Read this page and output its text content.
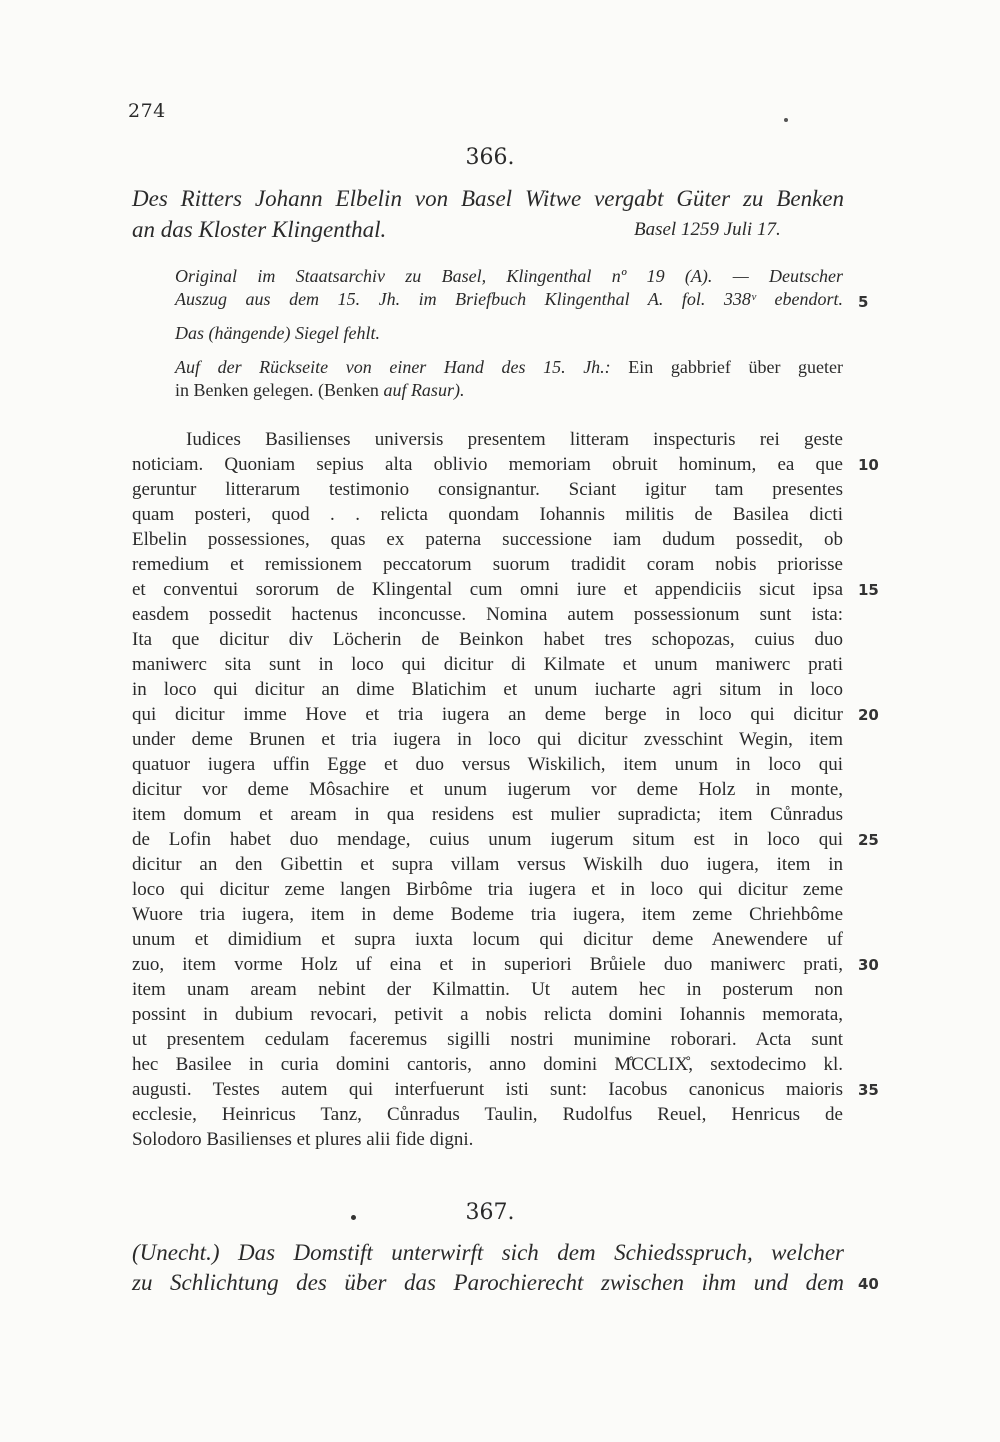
274
366.
Des Ritters Johann Elbelin von Basel Witwe vergabt Güter zu Benken
an das Kloster Klingenthal.	Basel 1259 Juli 17.
Original im Staatsarchiv zu Basel, Klingenthal nº 19 (A). — Deutscher
Auszug aus dem 15. Jh. im Briefbuch Klingenthal A. fol. 338ᵛ ebendort.
Das (hängende) Siegel fehlt.
Auf der Rückseite von einer Hand des 15. Jh.: Ein gabbrief über gueter
in Benken gelegen. (Benken auf Rasur).
Iudices Basilienses universis presentem litteram inspecturis rei geste
noticiam. Quoniam sepius alta oblivio memoriam obruit hominum, ea que
geruntur litterarum testimonio consignantur. Sciant igitur tam presentes
quam posteri, quod . . relicta quondam Iohannis militis de Basilea dicti
Elbelin possessiones, quas ex paterna successione iam dudum possedit, ob
remedium et remissionem peccatorum suorum tradidit coram nobis priorisse
et conventui sororum de Klingental cum omni iure et appendiciis sicut ipsa
easdem possedit hactenus inconcusse. Nomina autem possessionum sunt ista:
Ita que dicitur div Löcherin de Beinkon habet tres schopozas, cuius duo
maniwerc sita sunt in loco qui dicitur di Kilmate et unum maniwerc prati
in loco qui dicitur an dime Blatichim et unum iucharte agri situm in loco
qui dicitur imme Hove et tria iugera an deme berge in loco qui dicitur
under deme Brunen et tria iugera in loco qui dicitur zvesschint Wegin, item
quatuor iugera uffin Egge et duo versus Wiskilich, item unum in loco qui
dicitur vor deme Môsachire et unum iugerum vor deme Holz in monte,
item domum et aream in qua residens est mulier supradicta; item Cůnradus
de Lofin habet duo mendage, cuius unum iugerum situm est in loco qui
dicitur an den Gibettin et supra villam versus Wiskilh duo iugera, item in
loco qui dicitur zeme langen Birbôme tria iugera et in loco qui dicitur zeme
Wuore tria iugera, item in deme Bodeme tria iugera, item zeme Chriehbôme
unum et dimidium et supra iuxta locum qui dicitur deme Anewendere uf
zuo, item vorme Holz uf eina et in superiori Brůiele duo maniwerc prati,
item unam aream nebint der Kilmattin. Ut autem hec in posterum non
possint in dubium revocari, petivit a nobis relicta domini Iohannis memorata,
ut presentem cedulam faceremus sigilli nostri munimine roborari. Acta sunt
hec Basilee in curia domini cantoris, anno domini M̊CCLIX̊, sextodecimo kl.
augusti. Testes autem qui interfuerunt isti sunt: Iacobus canonicus maioris
ecclesie, Heinricus Tanz, Cůnradus Taulin, Rudolfus Reuel, Henricus de
Solodoro Basilienses et plures alii fide digni.
367.
(Unecht.) Das Domstift unterwirft sich dem Schiedsspruch, welcher
zu Schlichtung des über das Parochierecht zwischen ihm und dem
5
10
15
20
25
30
35
40
